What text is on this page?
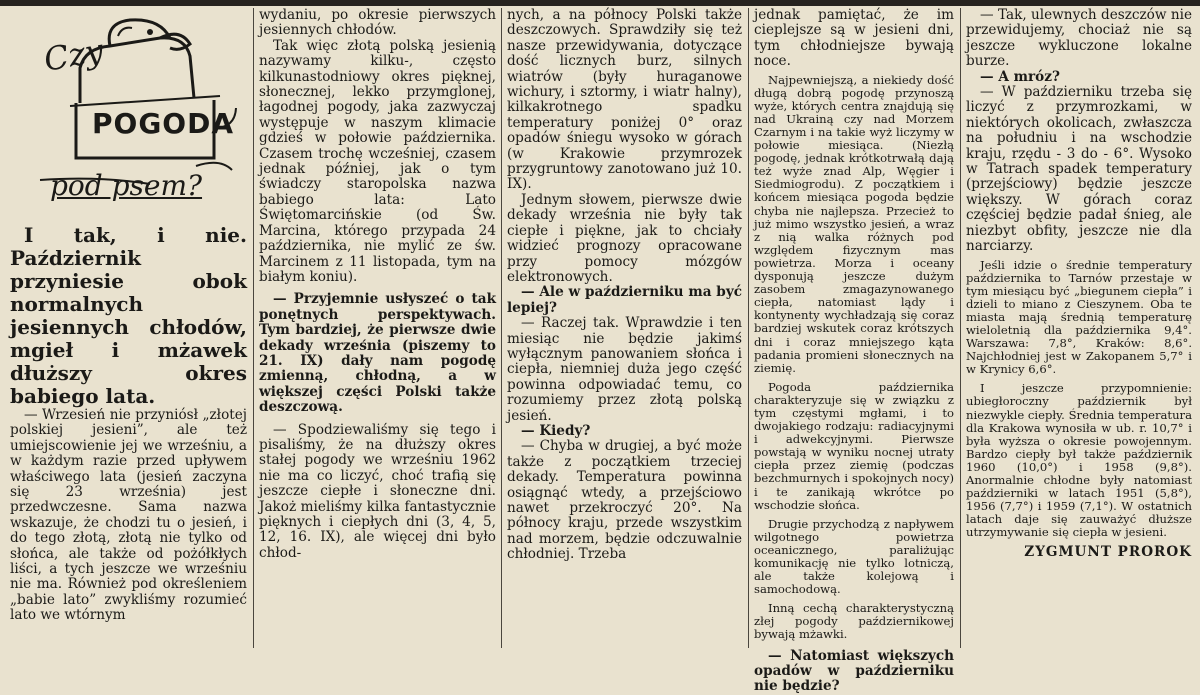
Czy
POGODA
pod psem?

I tak, i nie. Październik przyniesie obok normalnych jesiennych chłodów, mgieł i mżawek dłuższy okres babiego lata.

— Wrzesień nie przyniósł „złotej polskiej jesieni”, ale też umiejscowienie jej we wrześniu, a w każdym razie przed upływem właściwego lata (jesień zaczyna się 23 września) jest przedwczesne. Sama nazwa wskazuje, że chodzi tu o jesień, i do tego złotą, złotą nie tylko od słońca, ale także od pożółkłych liści, a tych jeszcze we wrześniu nie ma. Również pod określeniem „babie lato” zwykliśmy rozumieć lato we wtórnym

wydaniu, po okresie pierwszych jesiennych chłodów.

Tak więc złotą polską jesienią nazywamy kilku-, często kilkunastodniowy okres pięknej, słonecznej, lekko przymglonej, łagodnej pogody, jaka zazwyczaj występuje w naszym klimacie gdzieś w połowie października. Czasem trochę wcześniej, czasem jednak później, jak o tym świadczy staropolska nazwa babiego lata: Lato Świętomarcińskie (od Św. Marcina, którego przypada 24 października, nie mylić ze św. Marcinem z 11 listopada, tym na białym koniu).

— Przyjemnie usłyszeć o tak ponętnych perspektywach. Tym bardziej, że pierwsze dwie dekady września (piszemy to 21. IX) dały nam pogodę zmienną, chłodną, a w większej części Polski także deszczową.

— Spodziewaliśmy się tego i pisaliśmy, że na dłuższy okres stałej pogody we wrześniu 1962 nie ma co liczyć, choć trafią się jeszcze ciepłe i słoneczne dni. Jakoż mieliśmy kilka fantastycznie pięknych i ciepłych dni (3, 4, 5, 12, 16. IX), ale więcej dni było chłod-

nych, a na północy Polski także deszczowych. Sprawdziły się też nasze przewidywania, dotyczące dość licznych burz, silnych wiatrów (były huraganowe wichury, i sztormy, i wiatr halny), kilkakrotnego spadku temperatury poniżej 0° oraz opadów śniegu wysoko w górach (w Krakowie przymrozek przygruntowy zanotowano już 10. IX).

Jednym słowem, pierwsze dwie dekady września nie były tak ciepłe i piękne, jak to chciały widzieć prognozy opracowane przy pomocy mózgów elektronowych.

— Ale w październiku ma być lepiej?

— Raczej tak. Wprawdzie i ten miesiąc nie będzie jakimś wyłącznym panowaniem słońca i ciepła, niemniej duża jego część powinna odpowiadać temu, co rozumiemy przez złotą polską jesień.

— Kiedy?

— Chyba w drugiej, a być może także z początkiem trzeciej dekady. Temperatura powinna osiągnąć wtedy, a przejściowo nawet przekroczyć 20°. Na północy kraju, przede wszystkim nad morzem, będzie odczuwalnie chłodniej. Trzeba

jednak pamiętać, że im cieplejsze są w jesieni dni, tym chłodniejsze bywają noce.

Najpewniejszą, a niekiedy dość długą dobrą pogodę przynoszą wyże, których centra znajdują się nad Ukrainą czy nad Morzem Czarnym i na takie wyż liczymy w połowie miesiąca. (Niezłą pogodę, jednak krótkotrwałą dają też wyże znad Alp, Węgier i Siedmiogrodu). Z początkiem i końcem miesiąca pogoda będzie chyba nie najlepsza. Przecież to już mimo wszystko jesień, a wraz z nią walka różnych pod względem fizycznym mas powietrza. Morza i oceany dysponują jeszcze dużym zasobem zmagazynowanego ciepła, natomiast lądy i kontynenty wychładzają się coraz bardziej wskutek coraz krótszych dni i coraz mniejszego kąta padania promieni słonecznych na ziemię.

Pogoda października charakteryzuje się w związku z tym częstymi mgłami, i to dwojakiego rodzaju: radiacyjnymi i adwekcyjnymi. Pierwsze powstają w wyniku nocnej utraty ciepła przez ziemię (podczas bezchmurnych i spokojnych nocy) i te zanikają wkrótce po wschodzie słońca.

Drugie przychodzą z napływem wilgotnego powietrza oceanicznego, paraliżując komunikację nie tylko lotniczą, ale także kolejową i samochodową.

Inną cechą charakterystyczną złej pogody październikowej bywają mżawki.

— Natomiast większych opadów w październiku nie będzie?

— Tak, ulewnych deszczów nie przewidujemy, chociaż nie są jeszcze wykluczone lokalne burze.

— A mróz?

— W październiku trzeba się liczyć z przymrozkami, w niektórych okolicach, zwłaszcza na południu i na wschodzie kraju, rzędu - 3 do - 6°. Wysoko w Tatrach spadek temperatury (przejściowy) będzie jeszcze większy. W górach coraz częściej będzie padał śnieg, ale niezbyt obfity, jeszcze nie dla narciarzy.

Jeśli idzie o średnie temperatury października to Tarnów przestaje w tym miesiącu być „biegunem ciepła” i dzieli to miano z Cieszynem. Oba te miasta mają średnią temperaturę wieloletnią dla października 9,4°. Warszawa: 7,8°, Kraków: 8,6°. Najchłodniej jest w Zakopanem 5,7° i w Krynicy 6,6°.

I jeszcze przypomnienie: ubiegłoroczny październik był niezwykle ciepły. Średnia temperatura dla Krakowa wynosiła w ub. r. 10,7° i była wyższa o okresie powojennym. Bardzo ciepły był także październik 1960 (10,0°) i 1958 (9,8°). Anormalnie chłodne były natomiast październiki w latach 1951 (5,8°), 1956 (7,7°) i 1959 (7,1°). W ostatnich latach daje się zauważyć dłuższe utrzymywanie się ciepła w jesieni.

ZYGMUNT PROROK
